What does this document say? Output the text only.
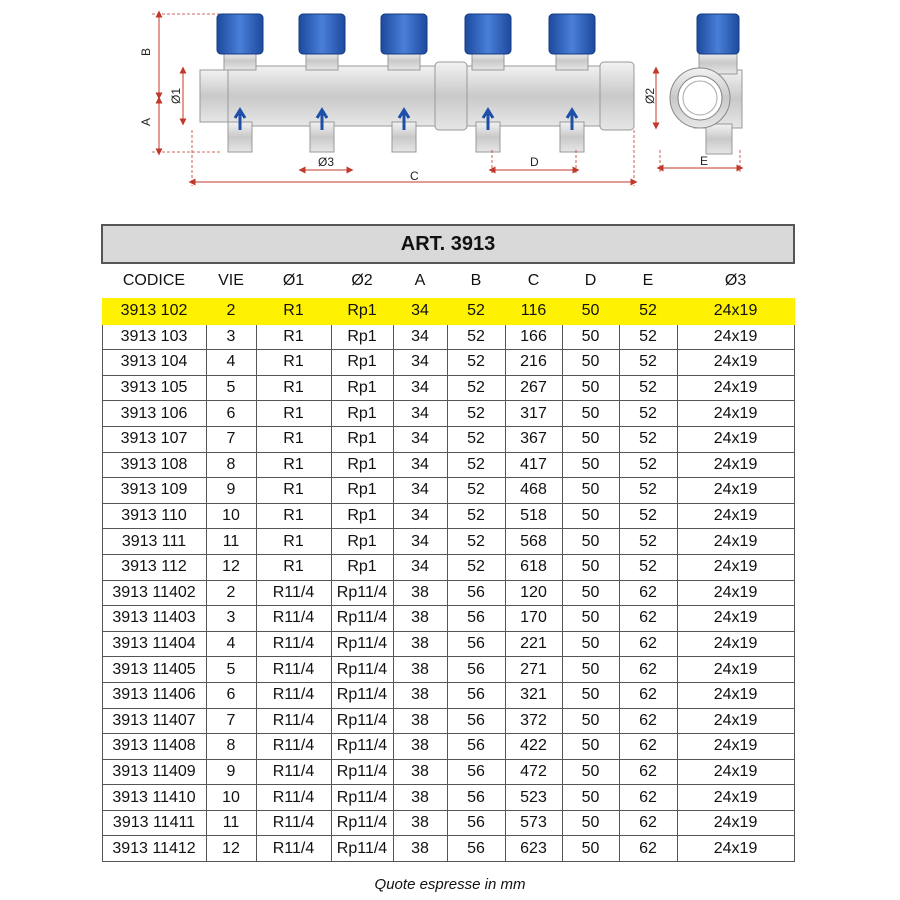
B
A
Ø1
Ø3
C
D	E
Ø2
ART. 3913									
CODICE	VIE	Ø1	Ø2	A	B	C	D	E	Ø3
3913 102	2	R1	Rp1	34	52	116	50	52	24x19
3913 103	3	R1	Rp1	34	52	166	50	52	24x19
3913 104	4	R1	Rp1	34	52	216	50	52	24x19
3913 105	5	R1	Rp1	34	52	267	50	52	24x19
3913 106	6	R1	Rp1	34	52	317	50	52	24x19
3913 107	7	R1	Rp1	34	52	367	50	52	24x19
3913 108	8	R1	Rp1	34	52	417	50	52	24x19
3913 109	9	R1	Rp1	34	52	468	50	52	24x19
3913 110	10	R1	Rp1	34	52	518	50	52	24x19
3913 111	11	R1	Rp1	34	52	568	50	52	24x19
3913 112	12	R1	Rp1	34	52	618	50	52	24x19
3913 11402	2	R11/4	Rp11/4	38	56	120	50	62	24x19
3913 11403	3	R11/4	Rp11/4	38	56	170	50	62	24x19
3913 11404	4	R11/4	Rp11/4	38	56	221	50	62	24x19
3913 11405	5	R11/4	Rp11/4	38	56	271	50	62	24x19
3913 11406	6	R11/4	Rp11/4	38	56	321	50	62	24x19
3913 11407	7	R11/4	Rp11/4	38	56	372	50	62	24x19
3913 11408	8	R11/4	Rp11/4	38	56	422	50	62	24x19
3913 11409	9	R11/4	Rp11/4	38	56	472	50	62	24x19
3913 11410	10	R11/4	Rp11/4	38	56	523	50	62	24x19
3913 11411	11	R11/4	Rp11/4	38	56	573	50	62	24x19
3913 11412	12	R11/4	Rp11/4	38	56	623	50	62	24x19
Quote espresse in mm
